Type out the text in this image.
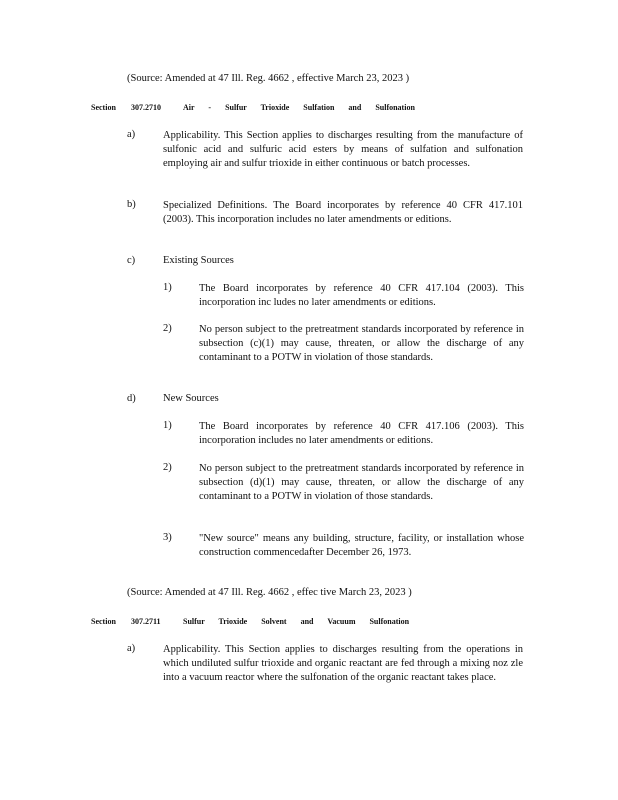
(Source: Amended at 47 Ill. Reg. 4662 , effective March 23, 2023 )
Section 307.2710	Air - Sulfur Trioxide Sulfation and Sulfonation
a)	Applicability. This Section applies to discharges resulting from the manufacture of sulfonic acid and sulfuric acid esters by means of sulfation and sulfonation employing air and sulfur trioxide in either continuous or batch processes.
b)	Specialized Definitions. The Board incorporates by reference 40 CFR 417.101 (2003). This incorporation includes no later amendments or editions.
c)	Existing Sources
1)	The Board incorporates by reference 40 CFR 417.104 (2003). This incorporation inc ludes no later amendments or editions.
2)	No person subject to the pretreatment standards incorporated by reference in subsection (c)(1) may cause, threaten, or allow the discharge of any contaminant to a POTW in violation of those standards.
d)	New Sources
1)	The Board incorporates by reference 40 CFR 417.106 (2003). This incorporation includes no later amendments or editions.
2)	No person subject to the pretreatment standards incorporated by reference in subsection (d)(1) may cause, threaten, or allow the discharge of any contaminant to a POTW in violation of those standards.
3)	"New source" means any building, structure, facility, or installation whose construction commencedafter December 26, 1973.
(Source: Amended at 47 Ill. Reg. 4662 , effec tive March 23, 2023 )
Section 307.2711	Sulfur Trioxide Solvent and Vacuum Sulfonation
a)	Applicability. This Section applies to discharges resulting from the operations in which undiluted sulfur trioxide and organic reactant are fed through a mixing noz zle into a vacuum reactor where the sulfonation of the organic reactant takes place.
